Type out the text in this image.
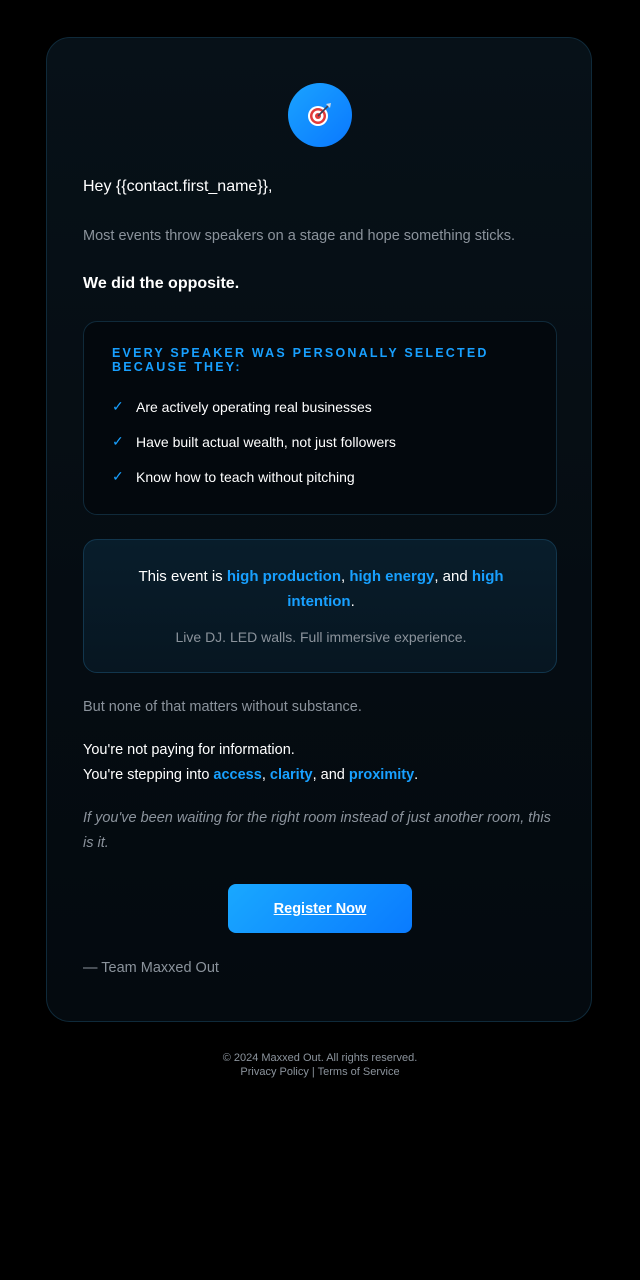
Hey {{contact.first_name}},
Most events throw speakers on a stage and hope something sticks.
We did the opposite.
EVERY SPEAKER WAS PERSONALLY SELECTED BECAUSE THEY:
✓ Are actively operating real businesses
✓ Have built actual wealth, not just followers
✓ Know how to teach without pitching
This event is high production, high energy, and high intention.
Live DJ. LED walls. Full immersive experience.
But none of that matters without substance.
You're not paying for information.
You're stepping into access, clarity, and proximity.
If you've been waiting for the right room instead of just another room, this is it.
Register Now
— Team Maxxed Out
© 2024 Maxxed Out. All rights reserved.
Privacy Policy | Terms of Service
